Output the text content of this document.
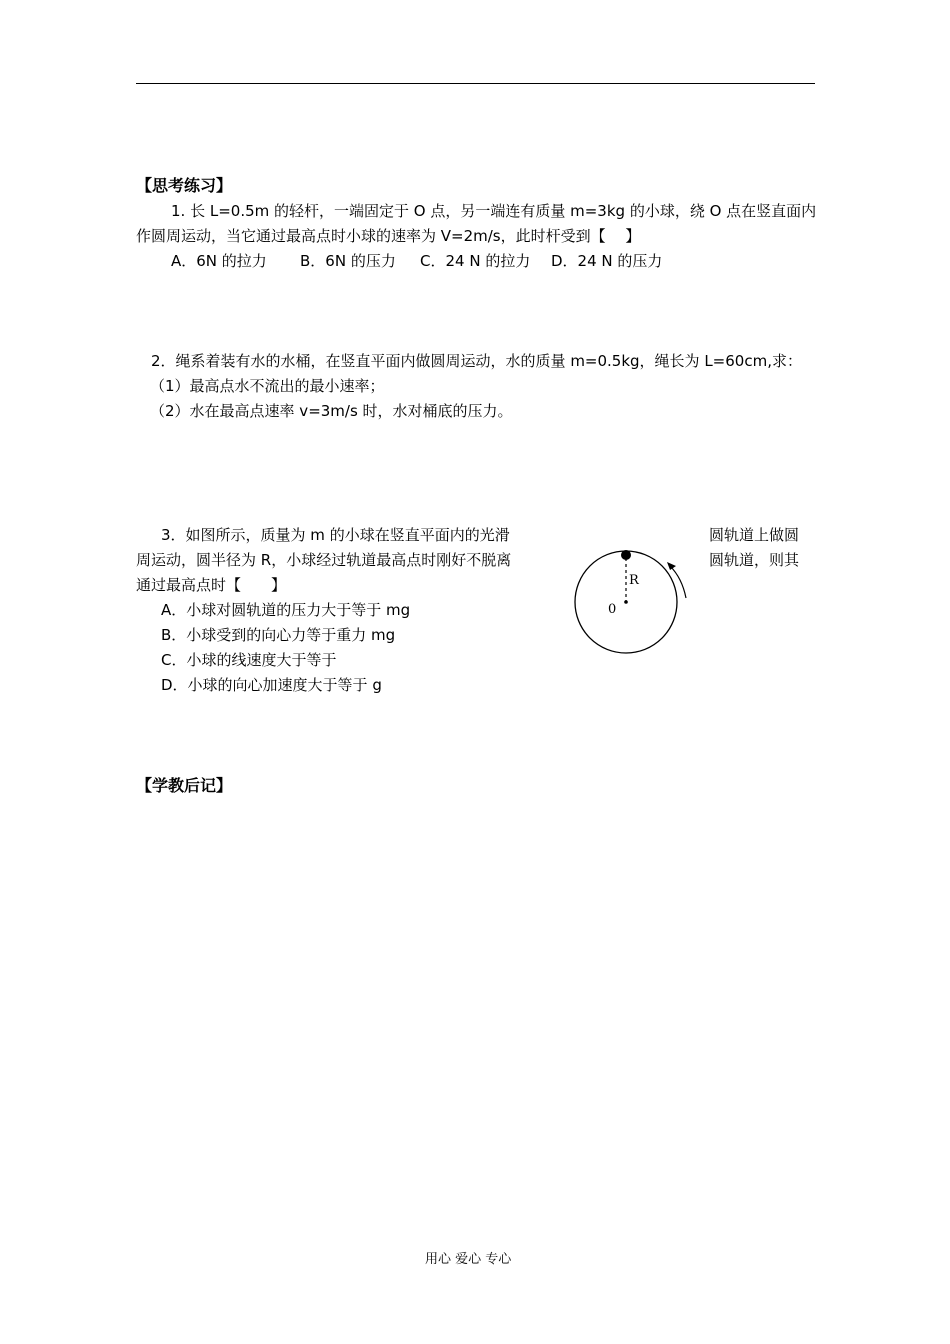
【思考练习】
1. 长 L=0.5m 的轻杆，一端固定于 O 点，另一端连有质量 m=3kg 的小球，绕 O 点在竖直面内
作圆周运动，当它通过最高点时小球的速率为 V=2m/s，此时杆受到【　 】
A．6N 的拉力 B．6N 的压力 C．24 N 的拉力 D．24 N 的压力
2．绳系着装有水的水桶，在竖直平面内做圆周运动，水的质量 m=0.5kg，绳长为 L=60cm,求：
（1）最高点水不流出的最小速率；
（2）水在最高点速率 v=3m/s 时，水对桶底的压力。
3．如图所示，质量为 m 的小球在竖直平面内的光滑	圆轨道上做圆
周运动，圆半径为 R，小球经过轨道最高点时刚好不脱离	圆轨道，则其
通过最高点时【　　】
A．小球对圆轨道的压力大于等于 mg
B．小球受到的向心力等于重力 mg
C．小球的线速度大于等于
D．小球的向心加速度大于等于 g
R
0
【学教后记】
用心 爱心 专心
